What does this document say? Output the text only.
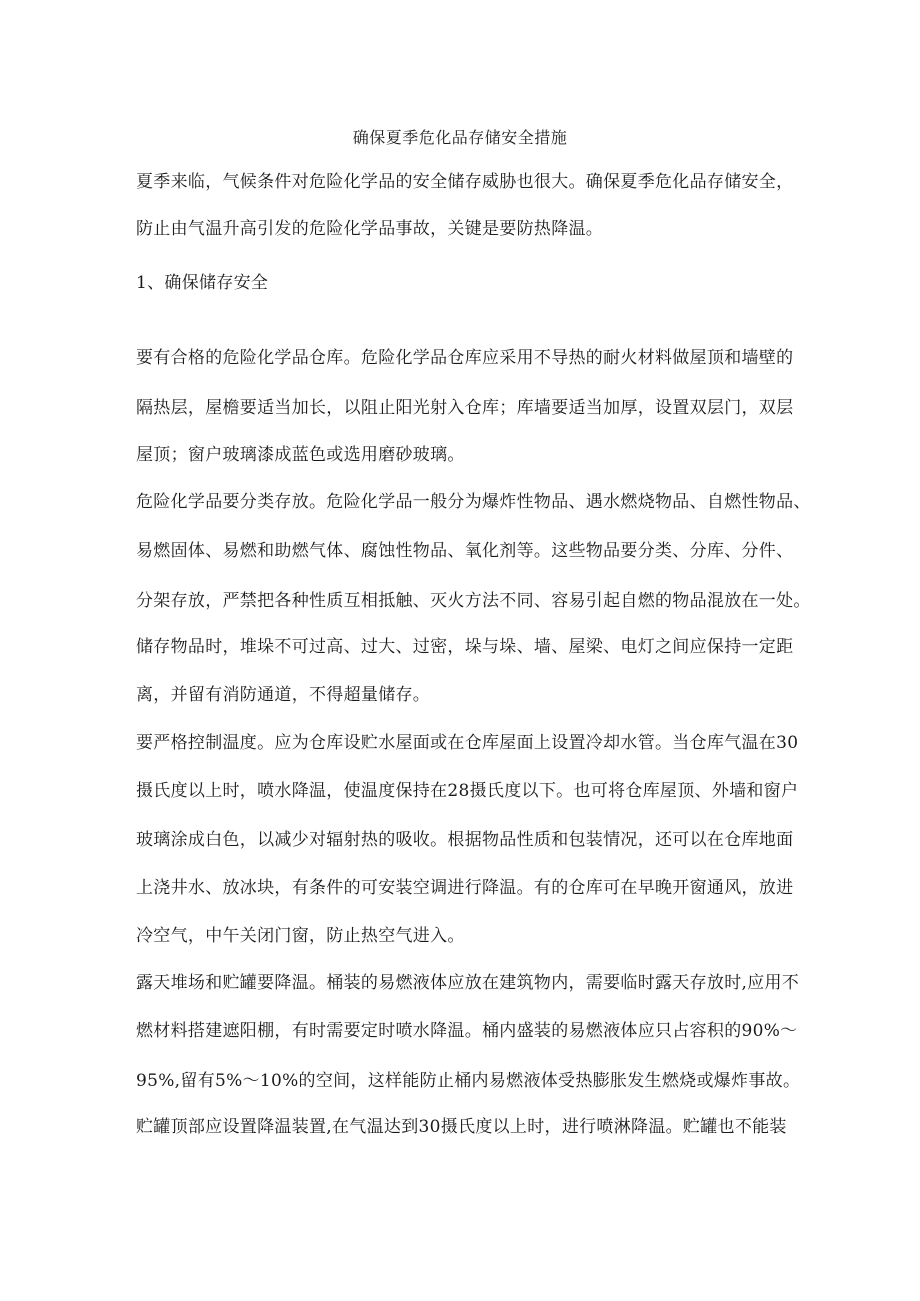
确保夏季危化品存储安全措施
夏季来临，气候条件对危险化学品的安全储存威胁也很大。确保夏季危化品存储安全，
防止由气温升高引发的危险化学品事故，关键是要防热降温。
1、确保储存安全
要有合格的危险化学品仓库。危险化学品仓库应采用不导热的耐火材料做屋顶和墙壁的
隔热层，屋檐要适当加长，以阻止阳光射入仓库；库墙要适当加厚，设置双层门，双层
屋顶；窗户玻璃漆成蓝色或选用磨砂玻璃。
危险化学品要分类存放。危险化学品一般分为爆炸性物品、遇水燃烧物品、自燃性物品、
易燃固体、易燃和助燃气体、腐蚀性物品、氧化剂等。这些物品要分类、分库、分件、
分架存放，严禁把各种性质互相抵触、灭火方法不同、容易引起自燃的物品混放在一处。
储存物品时，堆垛不可过高、过大、过密，垛与垛、墙、屋梁、电灯之间应保持一定距
离，并留有消防通道，不得超量储存。
要严格控制温度。应为仓库设贮水屋面或在仓库屋面上设置冷却水管。当仓库气温在30
摄氏度以上时，喷水降温，使温度保持在28摄氏度以下。也可将仓库屋顶、外墙和窗户
玻璃涂成白色，以减少对辐射热的吸收。根据物品性质和包装情况，还可以在仓库地面
上浇井水、放冰块，有条件的可安装空调进行降温。有的仓库可在早晚开窗通风，放进
冷空气，中午关闭门窗，防止热空气进入。
露天堆场和贮罐要降温。桶装的易燃液体应放在建筑物内，需要临时露天存放时,应用不
燃材料搭建遮阳棚，有时需要定时喷水降温。桶内盛装的易燃液体应只占容积的90%～
95%,留有5%～10%的空间，这样能防止桶内易燃液体受热膨胀发生燃烧或爆炸事故。
贮罐顶部应设置降温装置,在气温达到30摄氏度以上时，进行喷淋降温。贮罐也不能装
